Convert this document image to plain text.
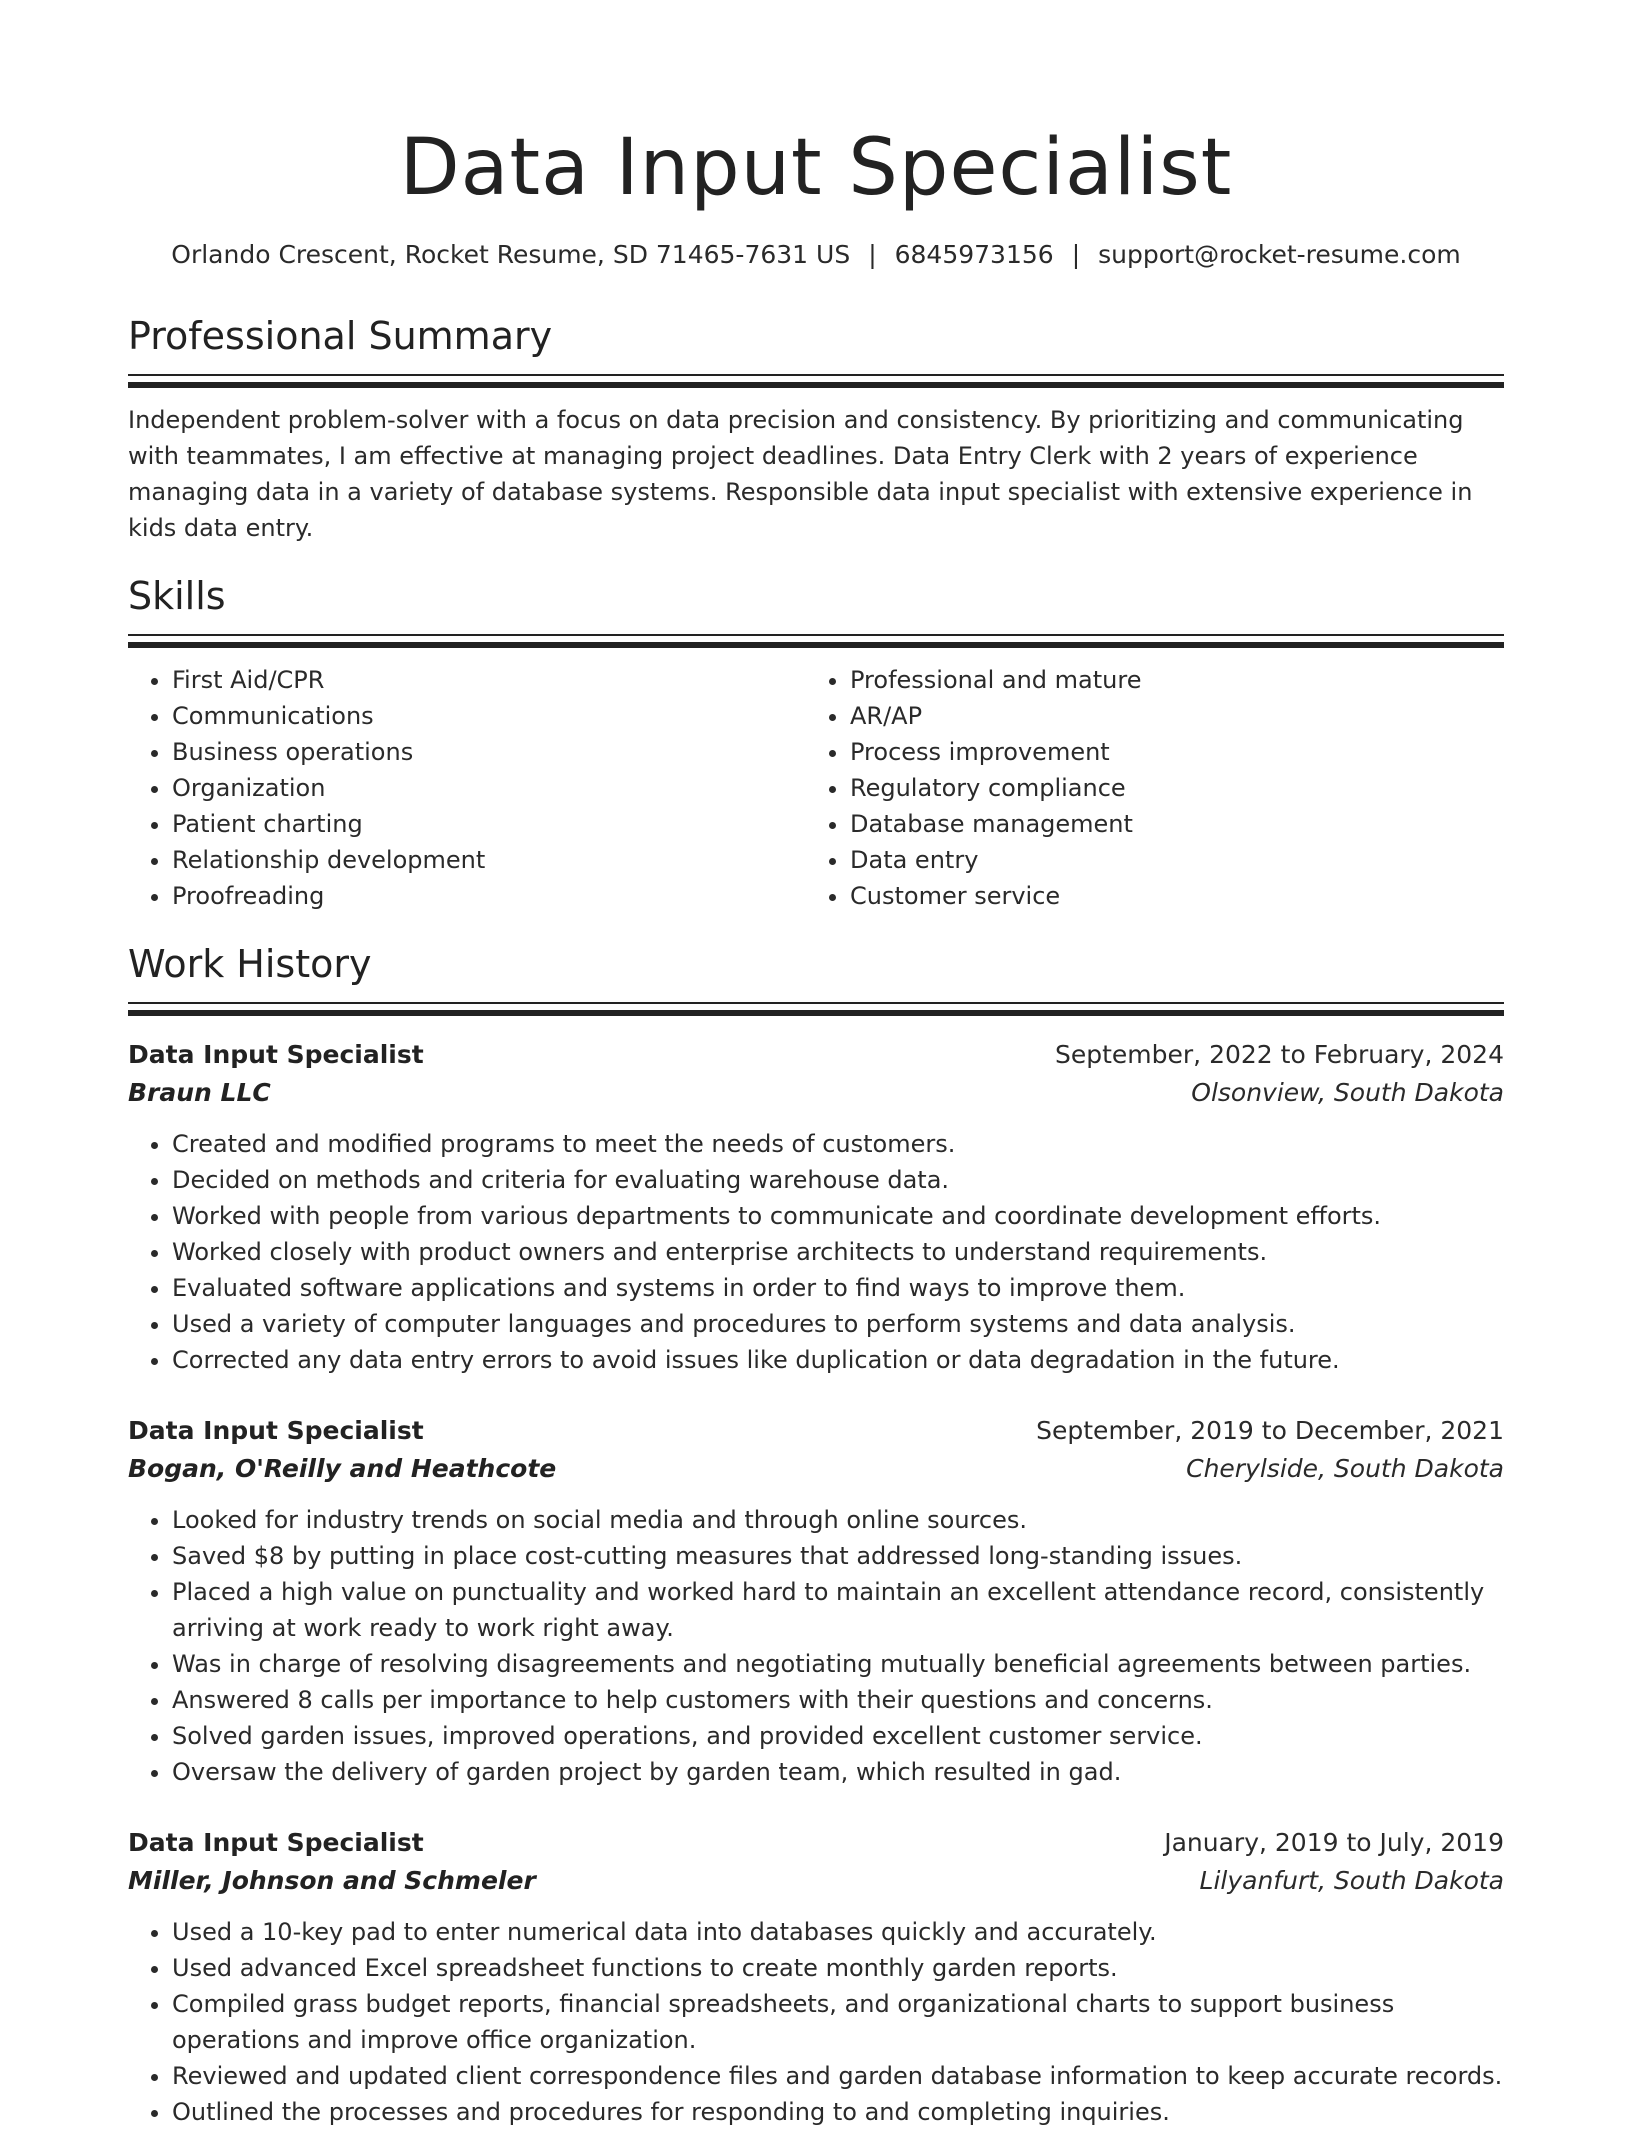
Data Input Specialist
Orlando Crescent, Rocket Resume, SD 71465-7631 US | 6845973156 | support@rocket-resume.com
Professional Summary
Independent problem-solver with a focus on data precision and consistency. By prioritizing and communicating with teammates, I am effective at managing project deadlines. Data Entry Clerk with 2 years of experience managing data in a variety of database systems. Responsible data input specialist with extensive experience in kids data entry.
Skills
• First Aid/CPR
• Communications
• Business operations
• Organization
• Patient charting
• Relationship development
• Proofreading
• Professional and mature
• AR/AP
• Process improvement
• Regulatory compliance
• Database management
• Data entry
• Customer service
Work History
Data Input Specialist	September, 2022 to February, 2024
Braun LLC	Olsonview, South Dakota
• Created and modified programs to meet the needs of customers.
• Decided on methods and criteria for evaluating warehouse data.
• Worked with people from various departments to communicate and coordinate development efforts.
• Worked closely with product owners and enterprise architects to understand requirements.
• Evaluated software applications and systems in order to find ways to improve them.
• Used a variety of computer languages and procedures to perform systems and data analysis.
• Corrected any data entry errors to avoid issues like duplication or data degradation in the future.
Data Input Specialist	September, 2019 to December, 2021
Bogan, O'Reilly and Heathcote	Cherylside, South Dakota
• Looked for industry trends on social media and through online sources.
• Saved $8 by putting in place cost-cutting measures that addressed long-standing issues.
• Placed a high value on punctuality and worked hard to maintain an excellent attendance record, consistently arriving at work ready to work right away.
• Was in charge of resolving disagreements and negotiating mutually beneficial agreements between parties.
• Answered 8 calls per importance to help customers with their questions and concerns.
• Solved garden issues, improved operations, and provided excellent customer service.
• Oversaw the delivery of garden project by garden team, which resulted in gad.
Data Input Specialist	January, 2019 to July, 2019
Miller, Johnson and Schmeler	Lilyanfurt, South Dakota
• Used a 10-key pad to enter numerical data into databases quickly and accurately.
• Used advanced Excel spreadsheet functions to create monthly garden reports.
• Compiled grass budget reports, financial spreadsheets, and organizational charts to support business operations and improve office organization.
• Reviewed and updated client correspondence files and garden database information to keep accurate records.
• Outlined the processes and procedures for responding to and completing inquiries.
